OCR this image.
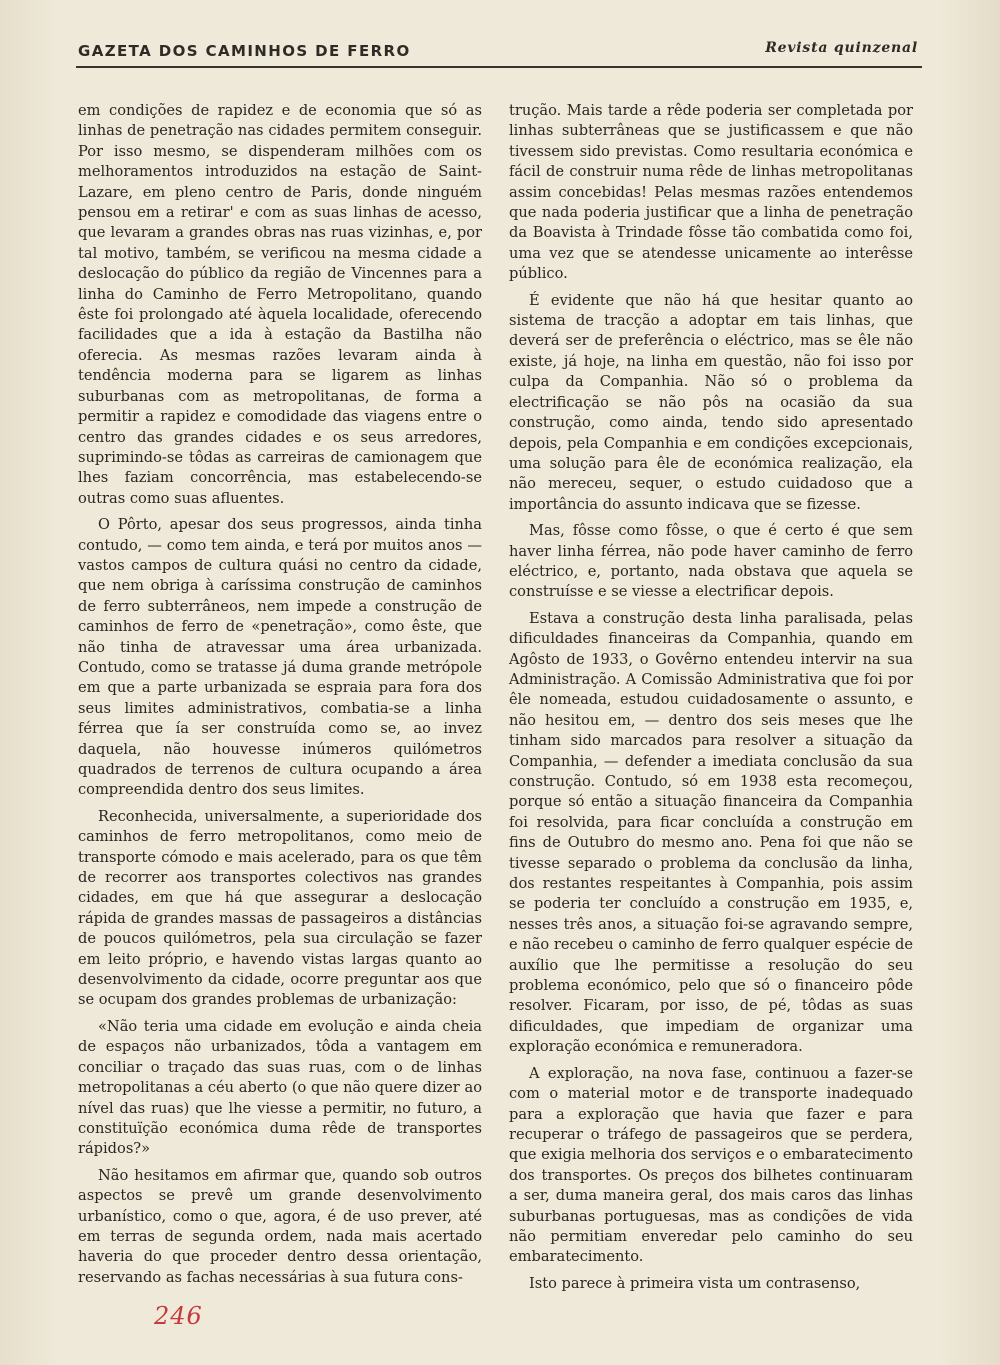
GAZETA DOS CAMINHOS DE FERRO	Revista quinzenal

em condições de rapidez e de economia que só as linhas de penetração nas cidades permitem conseguir. Por isso mesmo, se dispenderam milhões com os melhoramentos introduzidos na estação de Saint-Lazare, em pleno centro de Paris, donde ninguém pensou em a retirar' e com as suas linhas de acesso, que levaram a grandes obras nas ruas vizinhas, e, por tal motivo, também, se verificou na mesma cidade a deslocação do público da região de Vincennes para a linha do Caminho de Ferro Metropolitano, quando êste foi prolongado até àquela localidade, oferecendo facilidades que a ida à estação da Bastilha não oferecia. As mesmas razões levaram ainda à tendência moderna para se ligarem as linhas suburbanas com as metropolitanas, de forma a permitir a rapidez e comodidade das viagens entre o centro das grandes cidades e os seus arredores, suprimindo-se tôdas as carreiras de camionagem que lhes faziam concorrência, mas estabelecendo-se outras como suas afluentes.

O Pôrto, apesar dos seus progressos, ainda tinha contudo, — como tem ainda, e terá por muitos anos — vastos campos de cultura quási no centro da cidade, que nem obriga à caríssima construção de caminhos de ferro subterrâneos, nem impede a construção de caminhos de ferro de «penetração», como êste, que não tinha de atravessar uma área urbanizada. Contudo, como se tratasse já duma grande metrópole em que a parte urbanizada se espraia para fora dos seus limites administrativos, combatia-se a linha férrea que ía ser construída como se, ao invez daquela, não houvesse inúmeros quilómetros quadrados de terrenos de cultura ocupando a área compreendida dentro dos seus limites.

Reconhecida, universalmente, a superioridade dos caminhos de ferro metropolitanos, como meio de transporte cómodo e mais acelerado, para os que têm de recorrer aos transportes colectivos nas grandes cidades, em que há que assegurar a deslocação rápida de grandes massas de passageiros a distâncias de poucos quilómetros, pela sua circulação se fazer em leito próprio, e havendo vistas largas quanto ao desenvolvimento da cidade, ocorre preguntar aos que se ocupam dos grandes problemas de urbanização:

«Não teria uma cidade em evolução e ainda cheia de espaços não urbanizados, tôda a vantagem em conciliar o traçado das suas ruas, com o de linhas metropolitanas a céu aberto (o que não quere dizer ao nível das ruas) que lhe viesse a permitir, no futuro, a constituïção económica duma rêde de transportes rápidos?»

Não hesitamos em afirmar que, quando sob outros aspectos se prevê um grande desenvolvimento urbanístico, como o que, agora, é de uso prever, até em terras de segunda ordem, nada mais acertado haveria do que proceder dentro dessa orientação, reservando as fachas necessárias à sua futura cons-

trução. Mais tarde a rêde poderia ser completada por linhas subterrâneas que se justificassem e que não tivessem sido previstas. Como resultaria económica e fácil de construir numa rêde de linhas metropolitanas assim concebidas! Pelas mesmas razões entendemos que nada poderia justificar que a linha de penetração da Boavista à Trindade fôsse tão combatida como foi, uma vez que se atendesse unicamente ao interêsse público.

É evidente que não há que hesitar quanto ao sistema de tracção a adoptar em tais linhas, que deverá ser de preferência o eléctrico, mas se êle não existe, já hoje, na linha em questão, não foi isso por culpa da Companhia. Não só o problema da electrificação se não pôs na ocasião da sua construção, como ainda, tendo sido apresentado depois, pela Companhia e em condições excepcionais, uma solução para êle de económica realização, ela não mereceu, sequer, o estudo cuidadoso que a importância do assunto indicava que se fizesse.

Mas, fôsse como fôsse, o que é certo é que sem haver linha férrea, não pode haver caminho de ferro eléctrico, e, portanto, nada obstava que aquela se construísse e se viesse a electrificar depois.

Estava a construção desta linha paralisada, pelas dificuldades financeiras da Companhia, quando em Agôsto de 1933, o Govêrno entendeu intervir na sua Administração. A Comissão Administrativa que foi por êle nomeada, estudou cuidadosamente o assunto, e não hesitou em, — dentro dos seis meses que lhe tinham sido marcados para resolver a situação da Companhia, — defender a imediata conclusão da sua construção. Contudo, só em 1938 esta recomeçou, porque só então a situação financeira da Companhia foi resolvida, para ficar concluída a construção em fins de Outubro do mesmo ano. Pena foi que não se tivesse separado o problema da conclusão da linha, dos restantes respeitantes à Companhia, pois assim se poderia ter concluído a construção em 1935, e, nesses três anos, a situação foi-se agravando sempre, e não recebeu o caminho de ferro qualquer espécie de auxílio que lhe permitisse a resolução do seu problema económico, pelo que só o financeiro pôde resolver. Ficaram, por isso, de pé, tôdas as suas dificuldades, que impediam de organizar uma exploração económica e remuneradora.

A exploração, na nova fase, continuou a fazer-se com o material motor e de transporte inadequado para a exploração que havia que fazer e para recuperar o tráfego de passageiros que se perdera, que exigia melhoria dos serviços e o embaratecimento dos transportes. Os preços dos bilhetes continuaram a ser, duma maneira geral, dos mais caros das linhas suburbanas portuguesas, mas as condições de vida não permitiam enveredar pelo caminho do seu embaratecimento.

Isto parece à primeira vista um contrasenso,

246
